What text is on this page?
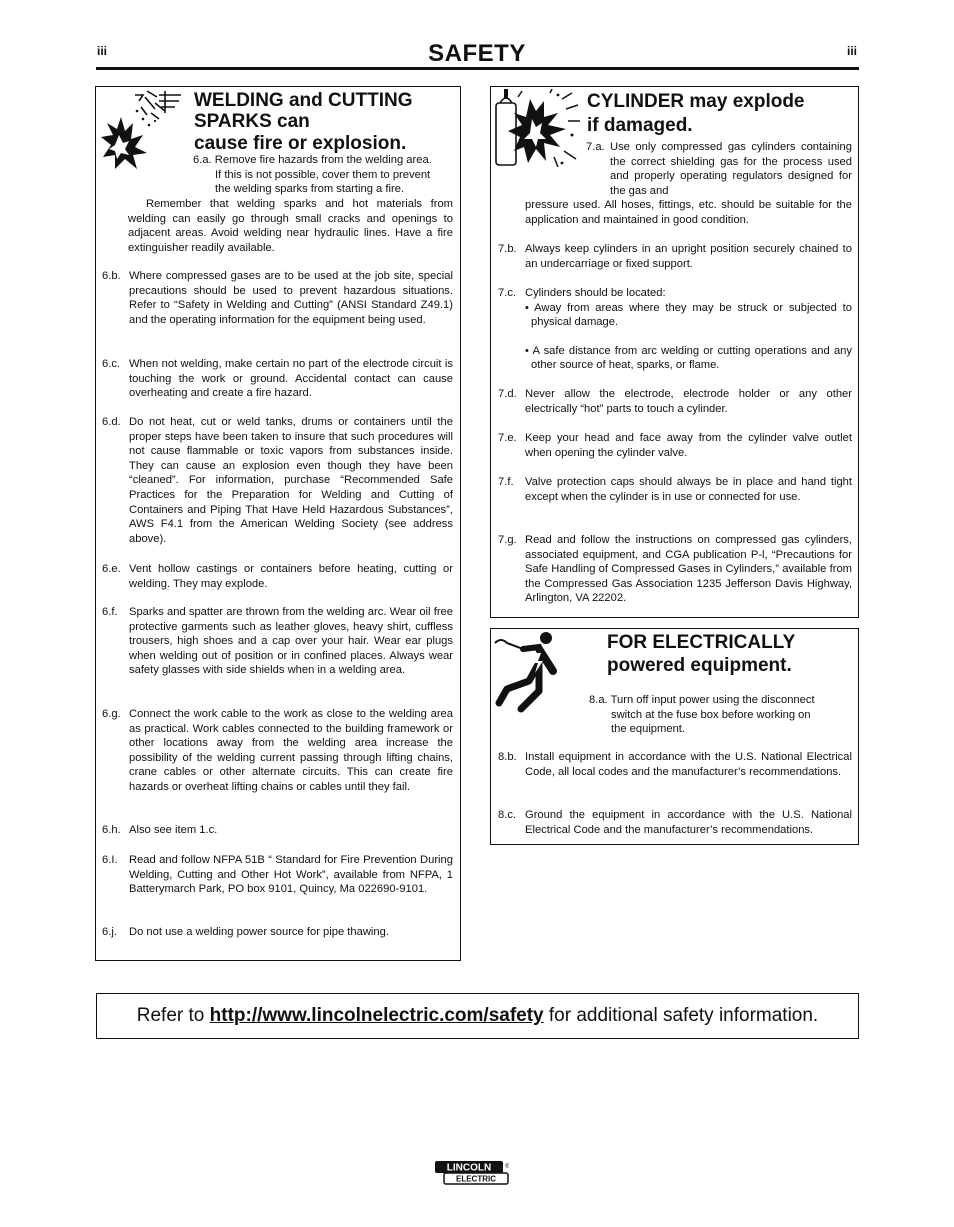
iii	iii
SAFETY
WELDING and CUTTING
SPARKS can
cause fire or explosion.
6.a. Remove fire hazards from the welding area.
If this is not possible, cover them to prevent
the welding sparks from starting a fire.
Remember that welding sparks and hot materials from welding can easily go through small cracks and openings to adjacent areas. Avoid welding near hydraulic lines. Have a fire extinguisher readily available.
6.b. Where compressed gases are to be used at the job site, special precautions should be used to prevent hazardous situations. Refer to “Safety in Welding and Cutting” (ANSI Standard Z49.1) and the operating information for the equipment being used.
6.c. When not welding, make certain no part of the electrode circuit is touching the work or ground. Accidental contact can cause overheating and create a fire hazard.
6.d. Do not heat, cut or weld tanks, drums or containers until the proper steps have been taken to insure that such procedures will not cause flammable or toxic vapors from substances inside. They can cause an explosion even though they have been “cleaned”. For information, purchase “Recommended Safe Practices for the Preparation for Welding and Cutting of Containers and Piping That Have Held Hazardous Substances”, AWS F4.1 from the American Welding Society (see address above).
6.e. Vent hollow castings or containers before heating, cutting or welding. They may explode.
6.f. Sparks and spatter are thrown from the welding arc. Wear oil free protective garments such as leather gloves, heavy shirt, cuffless trousers, high shoes and a cap over your hair. Wear ear plugs when welding out of position or in confined places. Always wear safety glasses with side shields when in a welding area.
6.g. Connect the work cable to the work as close to the welding area as practical. Work cables connected to the building framework or other locations away from the welding area increase the possibility of the welding current passing through lifting chains, crane cables or other alternate circuits. This can create fire hazards or overheat lifting chains or cables until they fail.
6.h. Also see item 1.c.
6.I. Read and follow NFPA 51B “ Standard for Fire Prevention During Welding, Cutting and Other Hot Work”, available from NFPA, 1 Batterymarch Park, PO box 9101, Quincy, Ma 022690-9101.
6.j. Do not use a welding power source for pipe thawing.
CYLINDER may explode
if damaged.
7.a. Use only compressed gas cylinders containing the correct shielding gas for the process used and properly operating regulators designed for the gas and
pressure used. All hoses, fittings, etc. should be suitable for the application and maintained in good condition.
7.b. Always keep cylinders in an upright position securely chained to an undercarriage or fixed support.
7.c. Cylinders should be located:
• Away from areas where they may be struck or subjected to physical damage.
• A safe distance from arc welding or cutting operations and any other source of heat, sparks, or flame.
7.d. Never allow the electrode, electrode holder or any other electrically “hot” parts to touch a cylinder.
7.e. Keep your head and face away from the cylinder valve outlet when opening the cylinder valve.
7.f. Valve protection caps should always be in place and hand tight except when the cylinder is in use or connected for use.
7.g. Read and follow the instructions on compressed gas cylinders, associated equipment, and CGA publication P-l, “Precautions for Safe Handling of Compressed Gases in Cylinders,” available from the Compressed Gas Association 1235 Jefferson Davis Highway, Arlington, VA 22202.
FOR ELECTRICALLY
powered equipment.
8.a. Turn off input power using the disconnect
switch at the fuse box before working on
the equipment.
8.b. Install equipment in accordance with the U.S. National Electrical Code, all local codes and the manufacturer’s recommendations.
8.c. Ground the equipment in accordance with the U.S. National Electrical Code and the manufacturer’s recommendations.
Refer to http://www.lincolnelectric.com/safety for additional safety information.
LINCOLN
ELECTRIC
®
